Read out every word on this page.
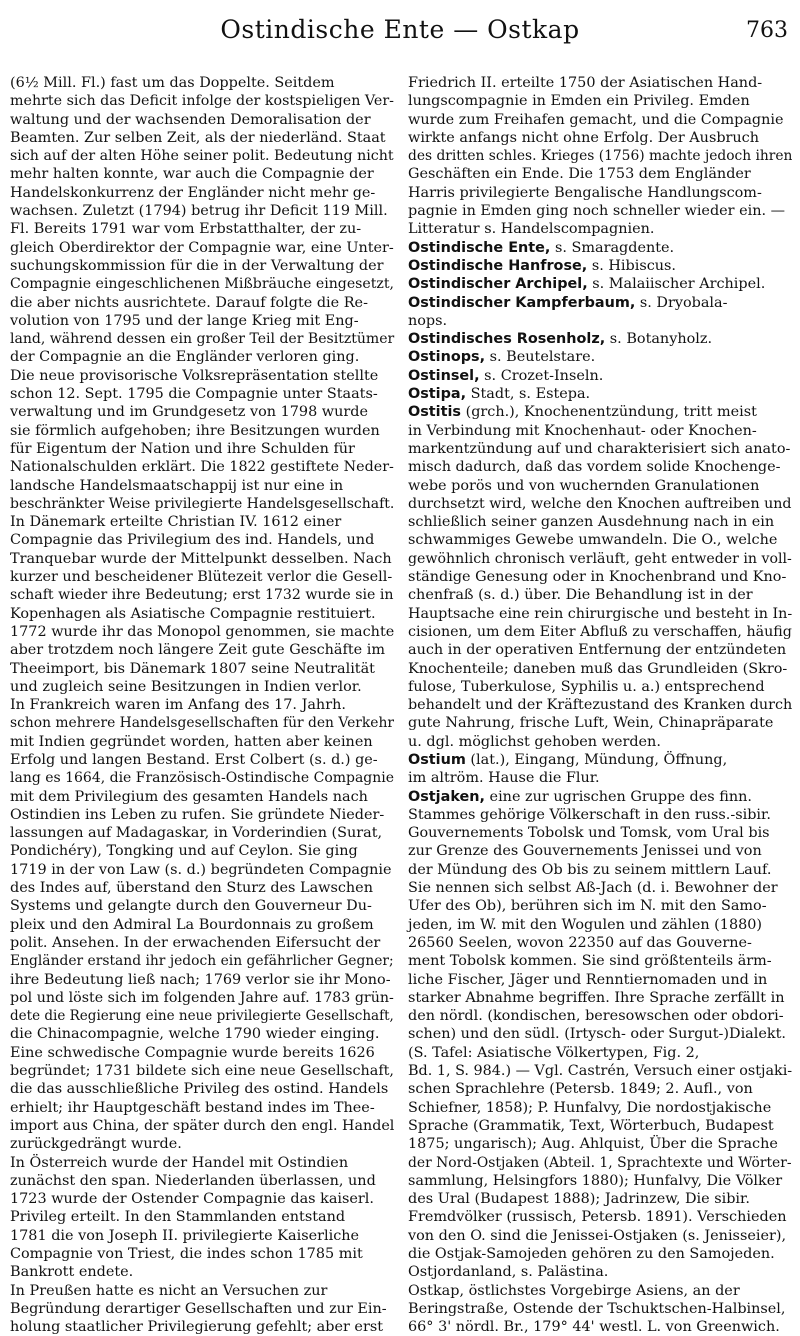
Ostindische Ente — Ostkap	763
(6½ Mill. Fl.) fast um das Doppelte. Seitdem
mehrte sich das Deficit infolge der kostspieligen Ver-
waltung und der wachsenden Demoralisation der
Beamten. Zur selben Zeit, als der niederländ. Staat
sich auf der alten Höhe seiner polit. Bedeutung nicht
mehr halten konnte, war auch die Compagnie der
Handelskonkurrenz der Engländer nicht mehr ge-
wachsen. Zuletzt (1794) betrug ihr Deficit 119 Mill.
Fl. Bereits 1791 war vom Erbstatthalter, der zu-
gleich Oberdirektor der Compagnie war, eine Unter-
suchungskommission für die in der Verwaltung der
Compagnie eingeschlichenen Mißbräuche eingesetzt,
die aber nichts ausrichtete. Darauf folgte die Re-
volution von 1795 und der lange Krieg mit Eng-
land, während dessen ein großer Teil der Besitztümer
der Compagnie an die Engländer verloren ging.
Die neue provisorische Volksrepräsentation stellte
schon 12. Sept. 1795 die Compagnie unter Staats-
verwaltung und im Grundgesetz von 1798 wurde
sie förmlich aufgehoben; ihre Besitzungen wurden
für Eigentum der Nation und ihre Schulden für
Nationalschulden erklärt. Die 1822 gestiftete Neder-
landsche Handelsmaatschappij ist nur eine in
beschränkter Weise privilegierte Handelsgesellschaft.
In Dänemark erteilte Christian IV. 1612 einer
Compagnie das Privilegium des ind. Handels, und
Tranquebar wurde der Mittelpunkt desselben. Nach
kurzer und bescheidener Blütezeit verlor die Gesell-
schaft wieder ihre Bedeutung; erst 1732 wurde sie in
Kopenhagen als Asiatische Compagnie restituiert.
1772 wurde ihr das Monopol genommen, sie machte
aber trotzdem noch längere Zeit gute Geschäfte im
Theeimport, bis Dänemark 1807 seine Neutralität
und zugleich seine Besitzungen in Indien verlor.
In Frankreich waren im Anfang des 17. Jahrh.
schon mehrere Handelsgesellschaften für den Verkehr
mit Indien gegründet worden, hatten aber keinen
Erfolg und langen Bestand. Erst Colbert (s. d.) ge-
lang es 1664, die Französisch-Ostindische Compagnie
mit dem Privilegium des gesamten Handels nach
Ostindien ins Leben zu rufen. Sie gründete Nieder-
lassungen auf Madagaskar, in Vorderindien (Surat,
Pondichéry), Tongking und auf Ceylon. Sie ging
1719 in der von Law (s. d.) begründeten Compagnie
des Indes auf, überstand den Sturz des Lawschen
Systems und gelangte durch den Gouverneur Du-
pleix und den Admiral La Bourdonnais zu großem
polit. Ansehen. In der erwachenden Eifersucht der
Engländer erstand ihr jedoch ein gefährlicher Gegner;
ihre Bedeutung ließ nach; 1769 verlor sie ihr Mono-
pol und löste sich im folgenden Jahre auf. 1783 grün-
dete die Regierung eine neue privilegierte Gesellschaft,
die Chinacompagnie, welche 1790 wieder einging.
Eine schwedische Compagnie wurde bereits 1626
begründet; 1731 bildete sich eine neue Gesellschaft,
die das ausschließliche Privileg des ostind. Handels
erhielt; ihr Hauptgeschäft bestand indes im Thee-
import aus China, der später durch den engl. Handel
zurückgedrängt wurde.
In Österreich wurde der Handel mit Ostindien
zunächst den span. Niederlanden überlassen, und
1723 wurde der Ostender Compagnie das kaiserl.
Privileg erteilt. In den Stammlanden entstand
1781 die von Joseph II. privilegierte Kaiserliche
Compagnie von Triest, die indes schon 1785 mit
Bankrott endete.
In Preußen hatte es nicht an Versuchen zur
Begründung derartiger Gesellschaften und zur Ein-
holung staatlicher Privilegierung gefehlt; aber erst
Friedrich II. erteilte 1750 der Asiatischen Hand-
lungscompagnie in Emden ein Privileg. Emden
wurde zum Freihafen gemacht, und die Compagnie
wirkte anfangs nicht ohne Erfolg. Der Ausbruch
des dritten schles. Krieges (1756) machte jedoch ihren
Geschäften ein Ende. Die 1753 dem Engländer
Harris privilegierte Bengalische Handlungscom-
pagnie in Emden ging noch schneller wieder ein. —
Litteratur s. Handelscompagnien.
Ostindische Ente, s. Smaragdente.
Ostindische Hanfrose, s. Hibiscus.
Ostindischer Archipel, s. Malaiischer Archipel.
Ostindischer Kampferbaum, s. Dryobala-
nops.
Ostindisches Rosenholz, s. Botanyholz.
Ostinops, s. Beutelstare.
Ostinsel, s. Crozet-Inseln.
Ostipa, Stadt, s. Estepa.
Ostitis (grch.), Knochenentzündung, tritt meist
in Verbindung mit Knochenhaut- oder Knochen-
markentzündung auf und charakterisiert sich anato-
misch dadurch, daß das vordem solide Knochenge-
webe porös und von wuchernden Granulationen
durchsetzt wird, welche den Knochen auftreiben und
schließlich seiner ganzen Ausdehnung nach in ein
schwammiges Gewebe umwandeln. Die O., welche
gewöhnlich chronisch verläuft, geht entweder in voll-
ständige Genesung oder in Knochenbrand und Kno-
chenfraß (s. d.) über. Die Behandlung ist in der
Hauptsache eine rein chirurgische und besteht in In-
cisionen, um dem Eiter Abfluß zu verschaffen, häufig
auch in der operativen Entfernung der entzündeten
Knochenteile; daneben muß das Grundleiden (Skro-
fulose, Tuberkulose, Syphilis u. a.) entsprechend
behandelt und der Kräftezustand des Kranken durch
gute Nahrung, frische Luft, Wein, Chinapräparate
u. dgl. möglichst gehoben werden.
Ostium (lat.), Eingang, Mündung, Öffnung,
im altröm. Hause die Flur.
Ostjaken, eine zur ugrischen Gruppe des finn.
Stammes gehörige Völkerschaft in den russ.-sibir.
Gouvernements Tobolsk und Tomsk, vom Ural bis
zur Grenze des Gouvernements Jenissei und von
der Mündung des Ob bis zu seinem mittlern Lauf.
Sie nennen sich selbst Aß-Jach (d. i. Bewohner der
Ufer des Ob), berühren sich im N. mit den Samo-
jeden, im W. mit den Wogulen und zählen (1880)
26560 Seelen, wovon 22350 auf das Gouverne-
ment Tobolsk kommen. Sie sind größtenteils ärm-
liche Fischer, Jäger und Renntiernomaden und in
starker Abnahme begriffen. Ihre Sprache zerfällt in
den nördl. (kondischen, beresowschen oder obdori-
schen) und den südl. (Irtysch- oder Surgut-)Dialekt.
(S. Tafel: Asiatische Völkertypen, Fig. 2,
Bd. 1, S. 984.) — Vgl. Castrén, Versuch einer ostjaki-
schen Sprachlehre (Petersb. 1849; 2. Aufl., von
Schiefner, 1858); P. Hunfalvy, Die nordostjakische
Sprache (Grammatik, Text, Wörterbuch, Budapest
1875; ungarisch); Aug. Ahlquist, Über die Sprache
der Nord-Ostjaken (Abteil. 1, Sprachtexte und Wörter-
sammlung, Helsingfors 1880); Hunfalvy, Die Völker
des Ural (Budapest 1888); Jadrinzew, Die sibir.
Fremdvölker (russisch, Petersb. 1891). Verschieden
von den O. sind die Jenissei-Ostjaken (s. Jenisseier),
die Ostjak-Samojeden gehören zu den Samojeden.
Ostjordanland, s. Palästina.
Ostkap, östlichstes Vorgebirge Asiens, an der
Beringstraße, Ostende der Tschuktschen-Halbinsel,
66° 3' nördl. Br., 179° 44' westl. L. von Greenwich.
